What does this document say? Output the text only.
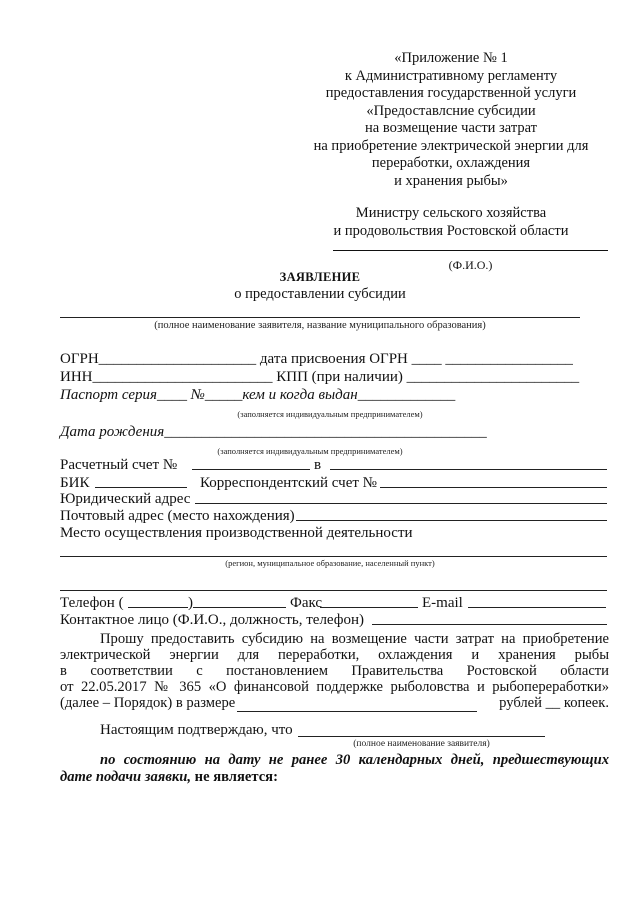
«Приложение № 1
к Административному регламенту
предоставления государственной услуги
«Предоставлсние субсидии
на возмещение части затрат
на приобретение электрической энергии для
переработки, охлаждения
и хранения рыбы»
Министру сельского хозяйства
и продовольствия Ростовской области
(Ф.И.О.)
ЗАЯВЛЕНИЕ
о предоставлении субсидии
(полное наименование заявителя, название муниципального образования)
ОГРН_____________________ дата присвоения ОГРН ____ _________________
ИНН________________________ КПП (при наличии) _______________________
Паспорт серия____ №_____кем и когда выдан_____________
(заполняется индивидуальным предпринимателем)
Дата рождения___________________________________________
(заполняется индивидуальным предпринимателем)
Расчетный счет №	в
БИК	Корреспондентский счет №
Юридический адрес
Почтовый адрес (место нахождения)
Место осуществления производственной деятельности
(регион, муниципальное образование, населенный пункт)
Телефон (	)	Факс	E-mail
Контактное лицо (Ф.И.О., должность, телефон)
Прошу предоставить субсидию на возмещение части затрат на приобретение
электрической энергии для переработки, охлаждения и хранения рыбы
в соответствии с постановлением Правительства Ростовской области
от 22.05.2017 № 365 «О финансовой поддержке рыболовства и рыбопереработки»
(далее – Порядок) в размере	рублей __ копеек.
Настоящим подтверждаю, что
(полное наименование заявителя)
по состоянию на дату не ранее 30 календарных дней, предшествующих
дате подачи заявки, не является:
